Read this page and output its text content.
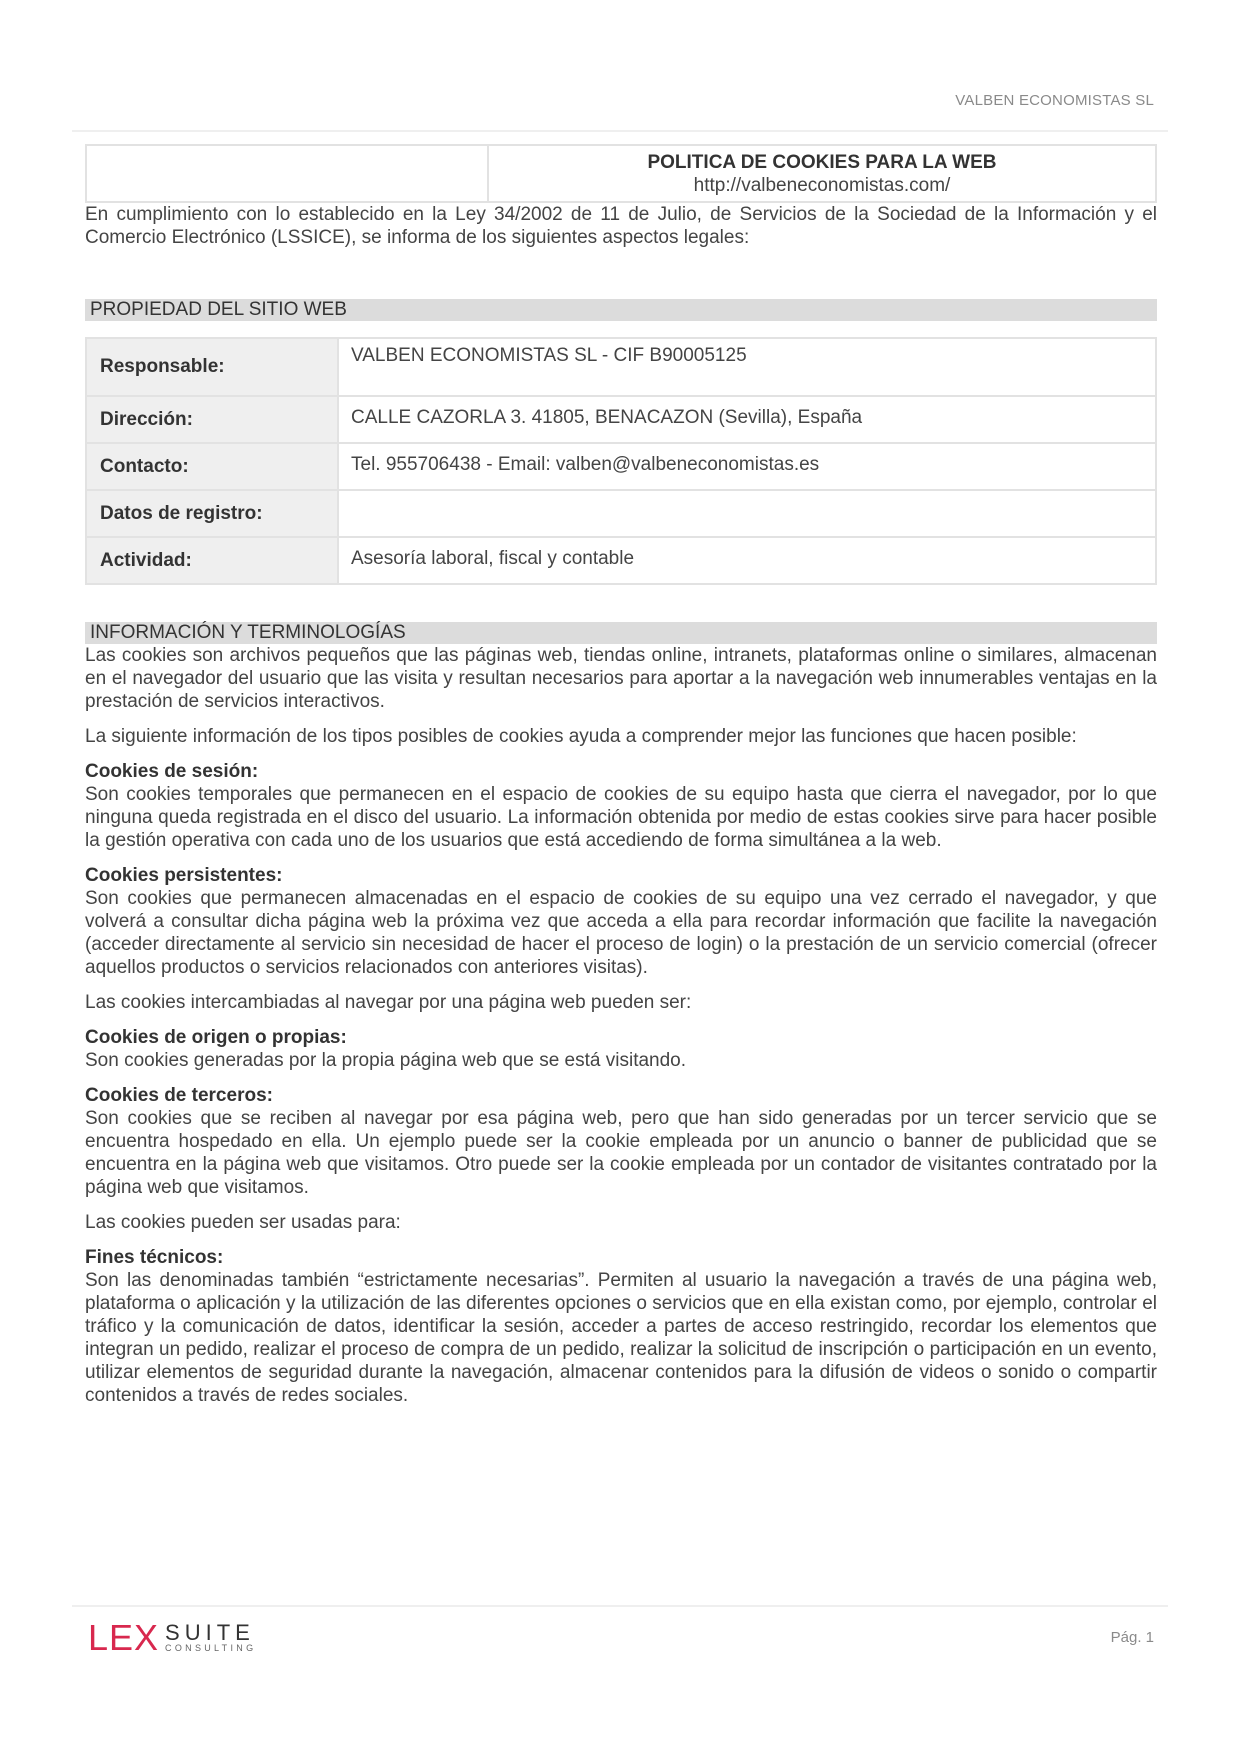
VALBEN ECONOMISTAS SL

POLITICA DE COOKIES PARA LA WEB
http://valbeneconomistas.com/

En cumplimiento con lo establecido en la Ley 34/2002 de 11 de Julio, de Servicios de la Sociedad de la Información y el Comercio Electrónico (LSSICE), se informa de los siguientes aspectos legales:

PROPIEDAD DEL SITIO WEB
Responsable:	VALBEN ECONOMISTAS SL - CIF B90005125
Dirección:	CALLE CAZORLA 3. 41805, BENACAZON (Sevilla), España
Contacto:	Tel. 955706438 - Email: valben@valbeneconomistas.es
Datos de registro:	
Actividad:	Asesoría laboral, fiscal y contable
INFORMACIÓN Y TERMINOLOGÍAS

Las cookies son archivos pequeños que las páginas web, tiendas online, intranets, plataformas online o similares, almacenan en el navegador del usuario que las visita y resultan necesarios para aportar a la navegación web innumerables ventajas en la prestación de servicios interactivos.

La siguiente información de los tipos posibles de cookies ayuda a comprender mejor las funciones que hacen posible:

Cookies de sesión:

Son cookies temporales que permanecen en el espacio de cookies de su equipo hasta que cierra el navegador, por lo que ninguna queda registrada en el disco del usuario. La información obtenida por medio de estas cookies sirve para hacer posible la gestión operativa con cada uno de los usuarios que está accediendo de forma simultánea a la web.

Cookies persistentes:

Son cookies que permanecen almacenadas en el espacio de cookies de su equipo una vez cerrado el navegador, y que volverá a consultar dicha página web la próxima vez que acceda a ella para recordar información que facilite la navegación (acceder directamente al servicio sin necesidad de hacer el proceso de login) o la prestación de un servicio comercial (ofrecer aquellos productos o servicios relacionados con anteriores visitas).

Las cookies intercambiadas al navegar por una página web pueden ser:

Cookies de origen o propias:

Son cookies generadas por la propia página web que se está visitando.

Cookies de terceros:

Son cookies que se reciben al navegar por esa página web, pero que han sido generadas por un tercer servicio que se encuentra hospedado en ella. Un ejemplo puede ser la cookie empleada por un anuncio o banner de publicidad que se encuentra en la página web que visitamos. Otro puede ser la cookie empleada por un contador de visitantes contratado por la página web que visitamos.

Las cookies pueden ser usadas para:

Fines técnicos:

Son las denominadas también “estrictamente necesarias”. Permiten al usuario la navegación a través de una página web, plataforma o aplicación y la utilización de las diferentes opciones o servicios que en ella existan como, por ejemplo, controlar el tráfico y la comunicación de datos, identificar la sesión, acceder a partes de acceso restringido, recordar los elementos que integran un pedido, realizar el proceso de compra de un pedido, realizar la solicitud de inscripción o participación en un evento, utilizar elementos de seguridad durante la navegación, almacenar contenidos para la difusión de videos o sonido o compartir contenidos a través de redes sociales.

LEX SUITE
CONSULTING
Pág. 1
